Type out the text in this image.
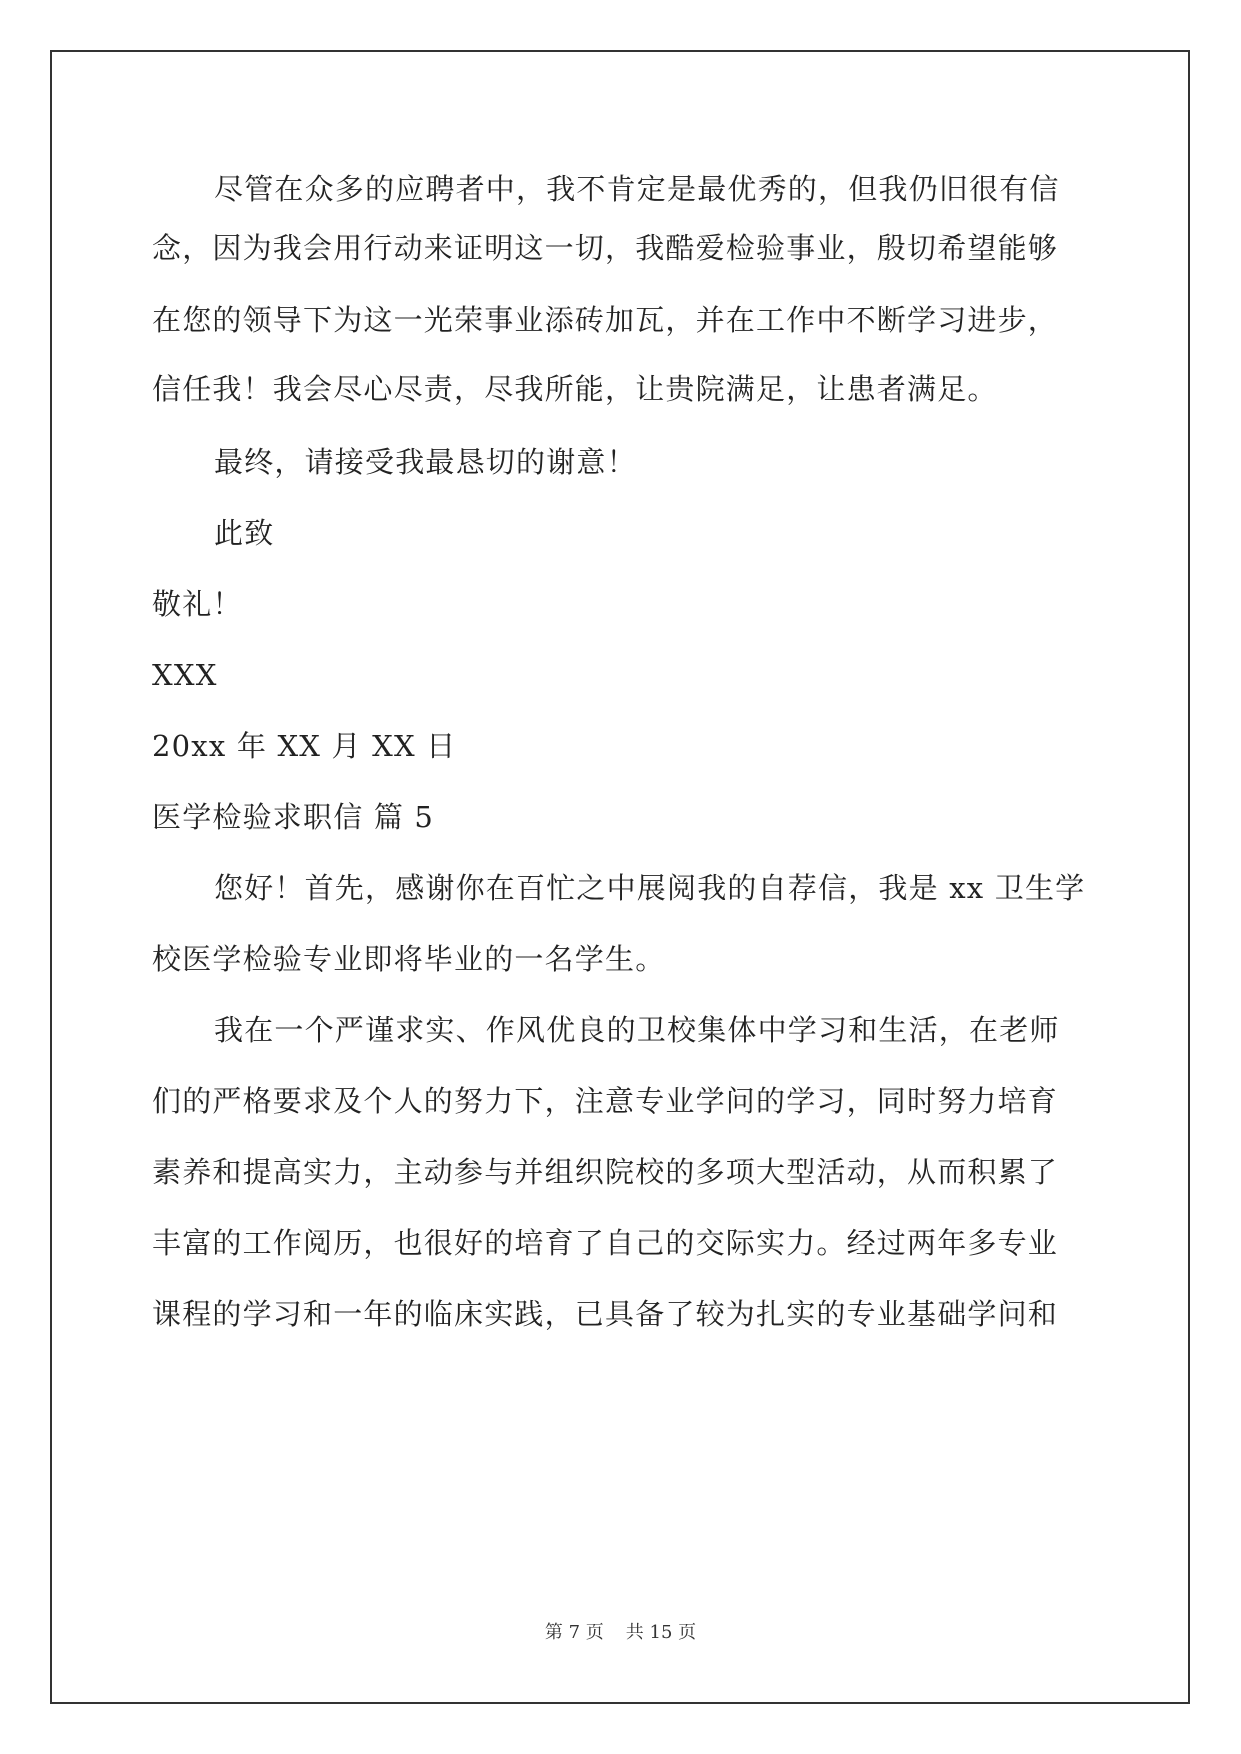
尽管在众多的应聘者中，我不肯定是最优秀的，但我仍旧很有信

念，因为我会用行动来证明这一切，我酷爱检验事业，殷切希望能够

在您的领导下为这一光荣事业添砖加瓦，并在工作中不断学习进步，

信任我！我会尽心尽责，尽我所能，让贵院满足，让患者满足。

最终，请接受我最恳切的谢意！

此致

敬礼！

XXX

20xx 年 XX 月 XX 日

医学检验求职信 篇 5

您好！首先，感谢你在百忙之中展阅我的自荐信，我是 xx 卫生学

校医学检验专业即将毕业的一名学生。

我在一个严谨求实、作风优良的卫校集体中学习和生活，在老师

们的严格要求及个人的努力下，注意专业学问的学习，同时努力培育

素养和提高实力，主动参与并组织院校的多项大型活动，从而积累了

丰富的工作阅历，也很好的培育了自己的交际实力。经过两年多专业

课程的学习和一年的临床实践，已具备了较为扎实的专业基础学问和

第 7 页 共 15 页
